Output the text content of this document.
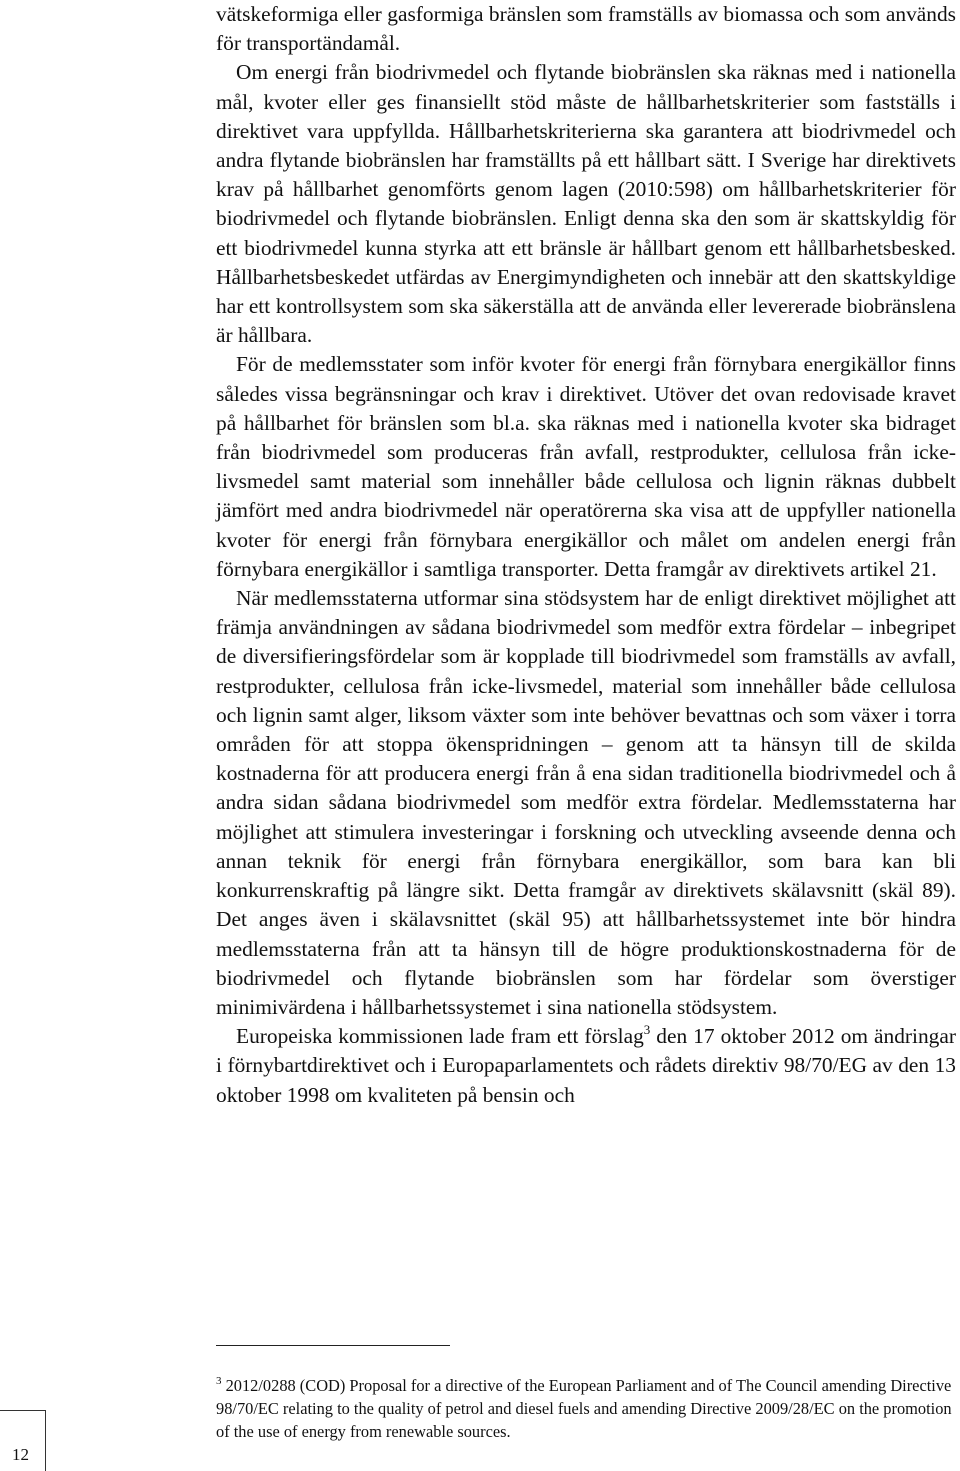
vätskeformiga eller gasformiga bränslen som framställs av biomassa och som används för transportändamål.

Om energi från biodrivmedel och flytande biobränslen ska räknas med i nationella mål, kvoter eller ges finansiellt stöd måste de hållbarhetskriterier som fastställs i direktivet vara uppfyllda. Hållbarhetskriterierna ska garantera att biodrivmedel och andra flytande biobränslen har framställts på ett hållbart sätt. I Sverige har direktivets krav på hållbarhet genomförts genom lagen (2010:598) om hållbarhetskriterier för biodrivmedel och flytande biobränslen. Enligt denna ska den som är skattskyldig för ett biodrivmedel kunna styrka att ett bränsle är hållbart genom ett hållbarhetsbesked. Hållbarhetsbeskedet utfärdas av Energimyndigheten och innebär att den skattskyldige har ett kontrollsystem som ska säkerställa att de använda eller levererade biobränslena är hållbara.

För de medlemsstater som inför kvoter för energi från förnybara energikällor finns således vissa begränsningar och krav i direktivet. Utöver det ovan redovisade kravet på hållbarhet för bränslen som bl.a. ska räknas med i nationella kvoter ska bidraget från biodrivmedel som produceras från avfall, restprodukter, cellulosa från icke-livsmedel samt material som innehåller både cellulosa och lignin räknas dubbelt jämfört med andra biodrivmedel när operatörerna ska visa att de uppfyller nationella kvoter för energi från förnybara energikällor och målet om andelen energi från förnybara energikällor i samtliga transporter. Detta framgår av direktivets artikel 21.

När medlemsstaterna utformar sina stödsystem har de enligt direktivet möjlighet att främja användningen av sådana biodrivmedel som medför extra fördelar – inbegripet de diversifieringsfördelar som är kopplade till biodrivmedel som framställs av avfall, restprodukter, cellulosa från icke-livsmedel, material som innehåller både cellulosa och lignin samt alger, liksom växter som inte behöver bevattnas och som växer i torra områden för att stoppa ökenspridningen – genom att ta hänsyn till de skilda kostnaderna för att producera energi från å ena sidan traditionella biodrivmedel och å andra sidan sådana biodrivmedel som medför extra fördelar. Medlemsstaterna har möjlighet att stimulera investeringar i forskning och utveckling avseende denna och annan teknik för energi från förnybara energikällor, som bara kan bli konkurrenskraftig på längre sikt. Detta framgår av direktivets skälavsnitt (skäl 89). Det anges även i skälavsnittet (skäl 95) att hållbarhetssystemet inte bör hindra medlemsstaterna från att ta hänsyn till de högre produktionskostnaderna för de biodrivmedel och flytande biobränslen som har fördelar som överstiger minimivärdena i hållbarhetssystemet i sina nationella stödsystem.

Europeiska kommissionen lade fram ett förslag$^3$ den 17 oktober 2012 om ändringar i förnybartdirektivet och i Europaparlamentets och rådets direktiv 98/70/EG av den 13 oktober 1998 om kvaliteten på bensin och

$^3$ 2012/0288 (COD) Proposal for a directive of the European Parliament and of The Council amending Directive 98/70/EC relating to the quality of petrol and diesel fuels and amending Directive 2009/28/EC on the promotion of the use of energy from renewable sources.
12
